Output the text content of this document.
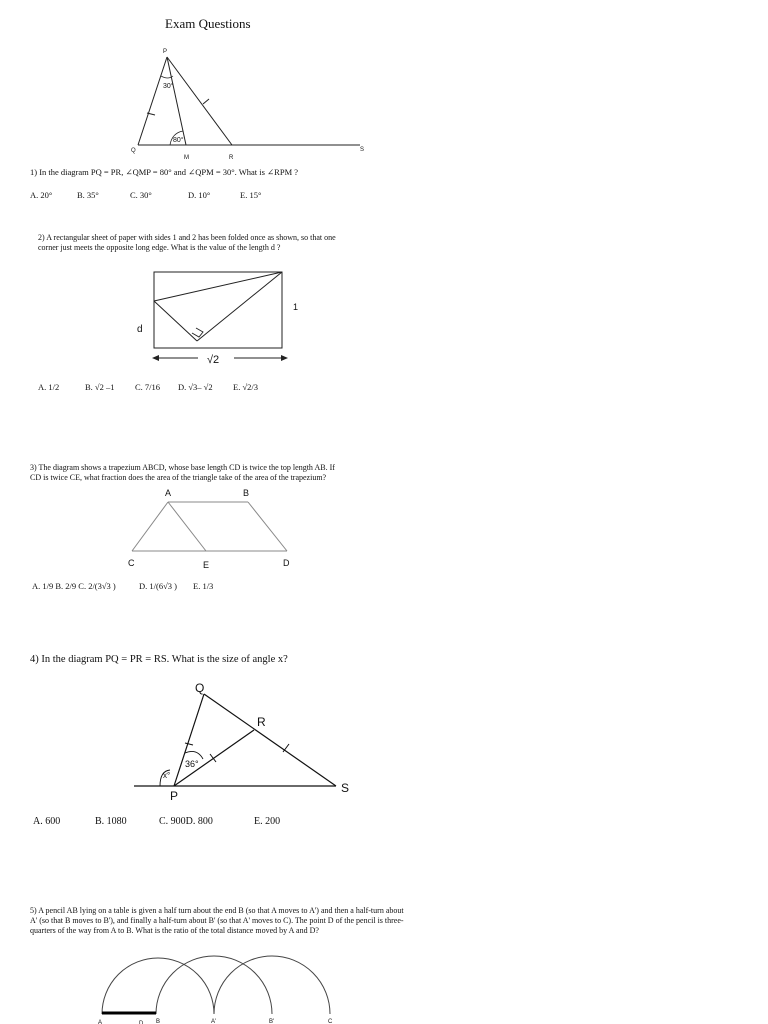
Exam Questions
P
30°
80°
Q
M	R
S
1) In the diagram PQ = PR, ∠QMP = 80° and ∠QPM = 30°. What is ∠RPM ?
A. 20°	B. 35°	C. 30°	D. 10°	E. 15°
2) A rectangular sheet of paper with sides 1 and 2 has been folded once as shown, so that one
corner just meets the opposite long edge. What is the value of the length d ?
d
1
√2
A. 1/2	B. √2 –1 C. 7/16 D. √3– √2 E. √2/3
3) The diagram shows a trapezium ABCD, whose base length CD is twice the top length AB. If
CD is twice CE, what fraction does the area of the triangle take of the area of the trapezium?
A	B
C	E	D
A. 1/9 B. 2/9 C. 2/(3√3 )	D. 1/(6√3 ) E. 1/3
4) In the diagram PQ = PR = RS. What is the size of angle x?
Q
R
S
P
36°
x°
A. 600	B. 1080	C. 900D. 800	E. 200
5) A pencil AB lying on a table is given a half turn about the end B (so that A moves to A') and then a half-turn about A' (so that B moves to B'), and finally a half-turn about B' (so that A' moves to C). The point D of the pencil is three-quarters of the way from A to B. What is the ratio of the total distance moved by A and D?
A	D B	A'	B'	C
